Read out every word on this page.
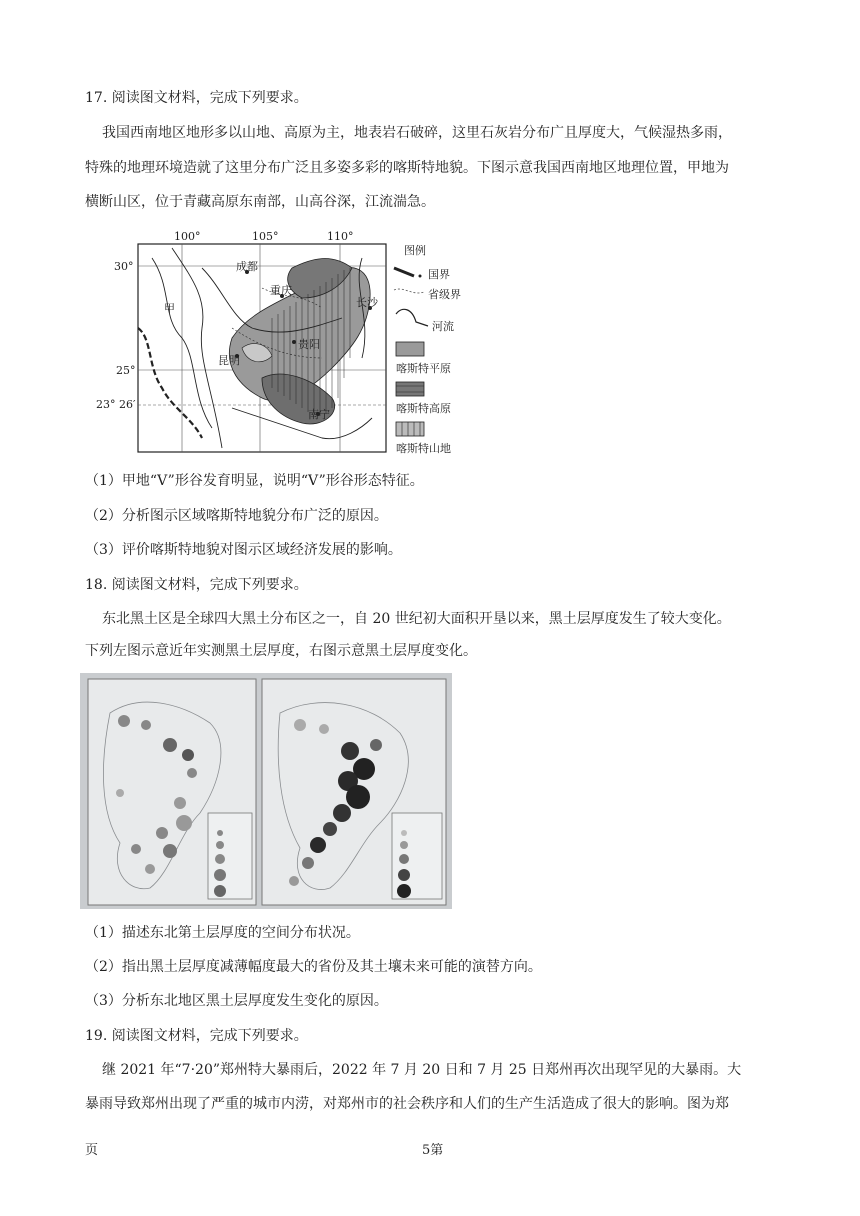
17. 阅读图文材料，完成下列要求。
我国西南地区地形多以山地、高原为主，地表岩石破碎，这里石灰岩分布广且厚度大，气候湿热多雨，
特殊的地理环境造就了这里分布广泛且多姿多彩的喀斯特地貌。下图示意我国西南地区地理位置，甲地为
横断山区，位于青藏高原东南部，山高谷深，江流湍急。
100°	105°	110°
30°
25°
23° 26′
成都
重庆
长沙
昆明
贵阳
南宁
甲
图例
国界
省级界
河流
喀斯特平原
喀斯特高原
喀斯特山地
（1）甲地“V”形谷发育明显，说明“V”形谷形态特征。
（2）分析图示区域喀斯特地貌分布广泛的原因。
（3）评价喀斯特地貌对图示区域经济发展的影响。
18. 阅读图文材料，完成下列要求。
东北黑土区是全球四大黑土分布区之一，自 20 世纪初大面积开垦以来，黑土层厚度发生了较大变化。
下列左图示意近年实测黑土层厚度，右图示意黑土层厚度变化。
（1）描述东北第土层厚度的空间分布状况。
（2）指出黑土层厚度减薄幅度最大的省份及其土壤未来可能的演替方向。
（3）分析东北地区黑土层厚度发生变化的原因。
19. 阅读图文材料，完成下列要求。
继 2021 年“7·20”郑州特大暴雨后，2022 年 7 月 20 日和 7 月 25 日郑州再次出现罕见的大暴雨。大
暴雨导致郑州出现了严重的城市内涝，对郑州市的社会秩序和人们的生产生活造成了很大的影响。图为郑
页	5第
